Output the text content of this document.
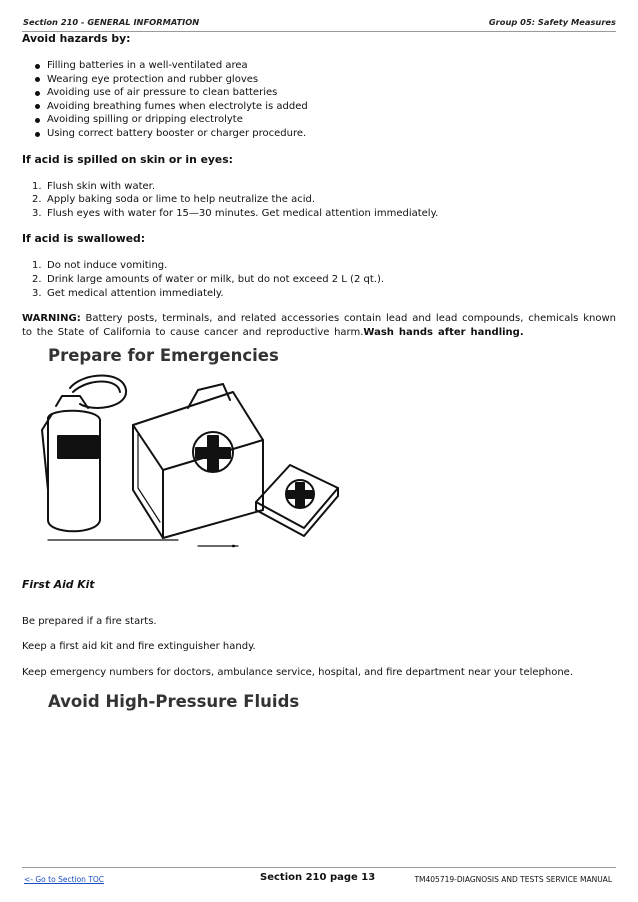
Section 210 - GENERAL INFORMATION	Group 05: Safety Measures

Avoid hazards by:

Filling batteries in a well-ventilated area
Wearing eye protection and rubber gloves
Avoiding use of air pressure to clean batteries
Avoiding breathing fumes when electrolyte is added
Avoiding spilling or dripping electrolyte
Using correct battery booster or charger procedure.

If acid is spilled on skin or in eyes:

1. Flush skin with water.
2. Apply baking soda or lime to help neutralize the acid.
3. Flush eyes with water for 15—30 minutes. Get medical attention immediately.

If acid is swallowed:

1. Do not induce vomiting.
2. Drink large amounts of water or milk, but do not exceed 2 L (2 qt.).
3. Get medical attention immediately.

WARNING: Battery posts, terminals, and related accessories contain lead and lead compounds, chemicals known to the State of California to cause cancer and reproductive harm.Wash hands after handling.

Prepare for Emergencies

First Aid Kit

Be prepared if a fire starts.

Keep a first aid kit and fire extinguisher handy.

Keep emergency numbers for doctors, ambulance service, hospital, and fire department near your telephone.

Avoid High-Pressure Fluids
<- Go to Section TOC	Section 210 page 13	TM405719-DIAGNOSIS AND TESTS SERVICE MANUAL
